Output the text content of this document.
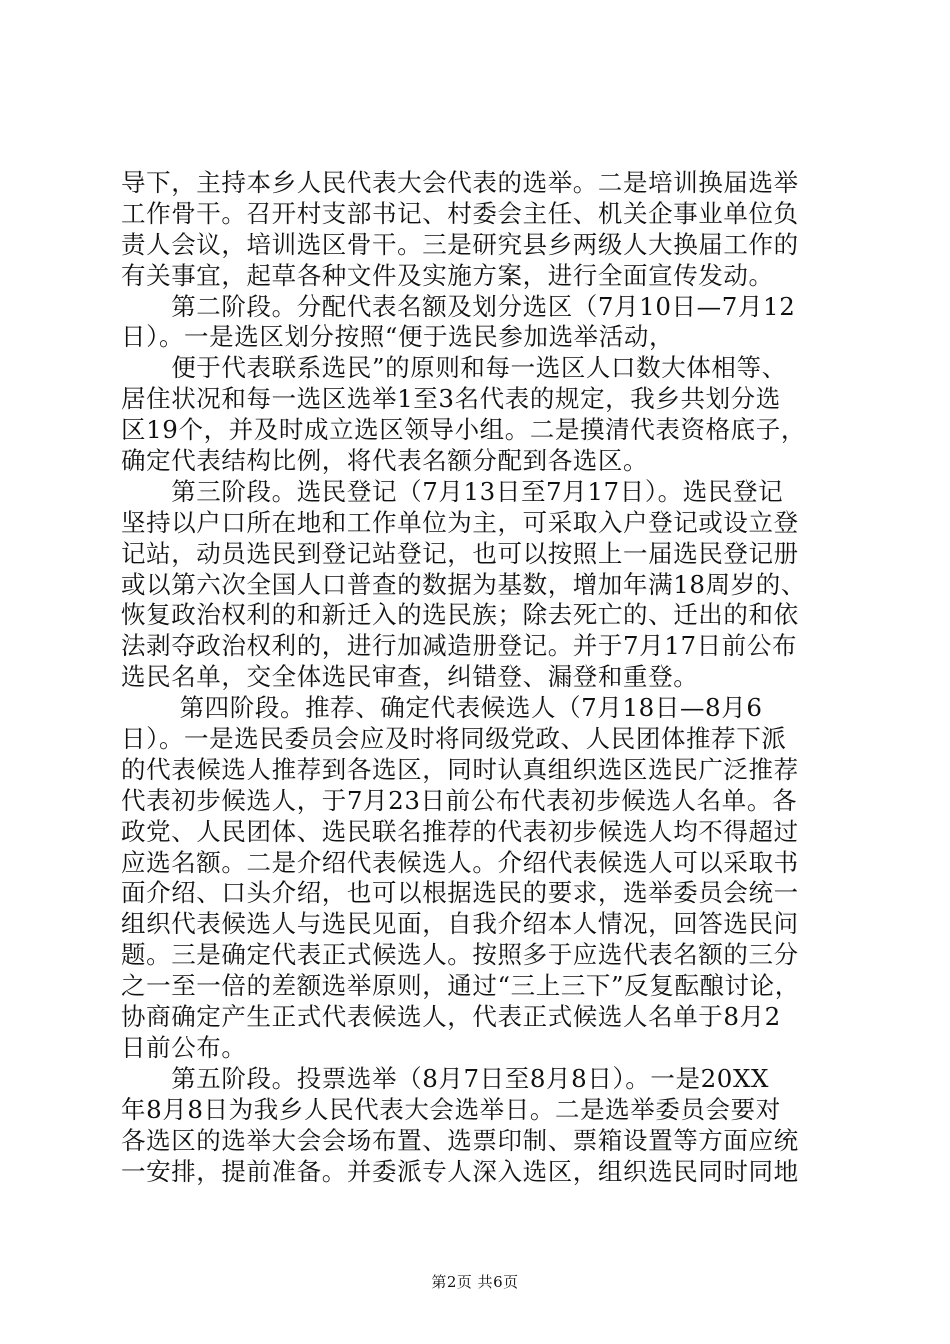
导下，主持本乡人民代表大会代表的选举。二是培训换届选举
工作骨干。召开村支部书记、村委会主任、机关企事业单位负
责人会议，培训选区骨干。三是研究县乡两级人大换届工作的
有关事宜，起草各种文件及实施方案，进行全面宣传发动。
　　第二阶段。分配代表名额及划分选区（7月10日—7月12
日）。一是选区划分按照“便于选民参加选举活动，
　　便于代表联系选民”的原则和每一选区人口数大体相等、
居住状况和每一选区选举1至3名代表的规定，我乡共划分选
区19个，并及时成立选区领导小组。二是摸清代表资格底子，
确定代表结构比例，将代表名额分配到各选区。
　　第三阶段。选民登记（7月13日至7月17日）。选民登记
坚持以户口所在地和工作单位为主，可采取入户登记或设立登
记站，动员选民到登记站登记，也可以按照上一届选民登记册
或以第六次全国人口普查的数据为基数，增加年满18周岁的、
恢复政治权利的和新迁入的选民族；除去死亡的、迁出的和依
法剥夺政治权利的，进行加减造册登记。并于7月17日前公布
选民名单，交全体选民审查，纠错登、漏登和重登。
　　 第四阶段。推荐、确定代表候选人（7月18日—8月6
日）。一是选民委员会应及时将同级党政、人民团体推荐下派
的代表候选人推荐到各选区，同时认真组织选区选民广泛推荐
代表初步候选人，于7月23日前公布代表初步候选人名单。各
政党、人民团体、选民联名推荐的代表初步候选人均不得超过
应选名额。二是介绍代表候选人。介绍代表候选人可以采取书
面介绍、口头介绍，也可以根据选民的要求，选举委员会统一
组织代表候选人与选民见面，自我介绍本人情况，回答选民问
题。三是确定代表正式候选人。按照多于应选代表名额的三分
之一至一倍的差额选举原则，通过“三上三下”反复酝酿讨论，
协商确定产生正式代表候选人，代表正式候选人名单于8月2
日前公布。
　　第五阶段。投票选举（8月7日至8月8日）。一是20XX
年8月8日为我乡人民代表大会选举日。二是选举委员会要对
各选区的选举大会会场布置、选票印制、票箱设置等方面应统
一安排，提前准备。并委派专人深入选区，组织选民同时同地
第2页 共6页
